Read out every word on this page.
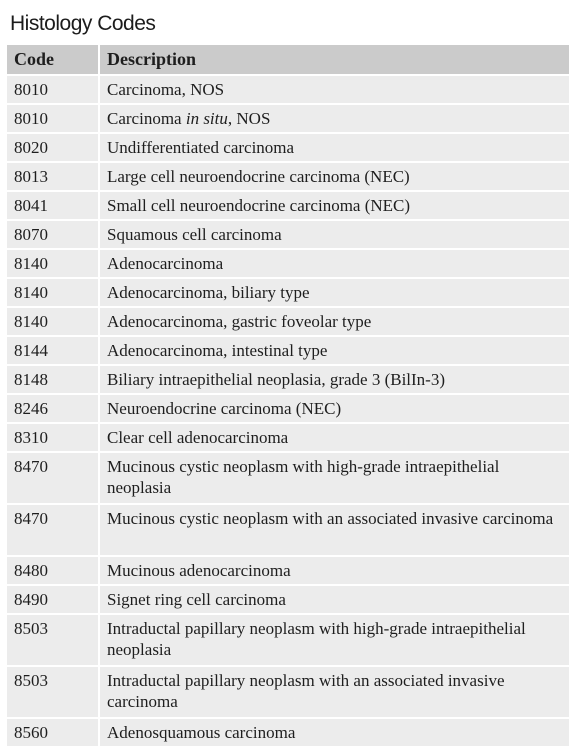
Histology Codes
Code	Description
8010	Carcinoma, NOS
8010	Carcinoma in situ, NOS
8020	Undifferentiated carcinoma
8013	Large cell neuroendocrine carcinoma (NEC)
8041	Small cell neuroendocrine carcinoma (NEC)
8070	Squamous cell carcinoma
8140	Adenocarcinoma
8140	Adenocarcinoma, biliary type
8140	Adenocarcinoma, gastric foveolar type
8144	Adenocarcinoma, intestinal type
8148	Biliary intraepithelial neoplasia, grade 3 (BilIn-3)
8246	Neuroendocrine carcinoma (NEC)
8310	Clear cell adenocarcinoma
8470	Mucinous cystic neoplasm with high-grade intraepithelial neoplasia
8470	Mucinous cystic neoplasm with an associated invasive carcinoma
8480	Mucinous adenocarcinoma
8490	Signet ring cell carcinoma
8503	Intraductal papillary neoplasm with high-grade intraepithelial neoplasia
8503	Intraductal papillary neoplasm with an associated invasive carcinoma
8560	Adenosquamous carcinoma
